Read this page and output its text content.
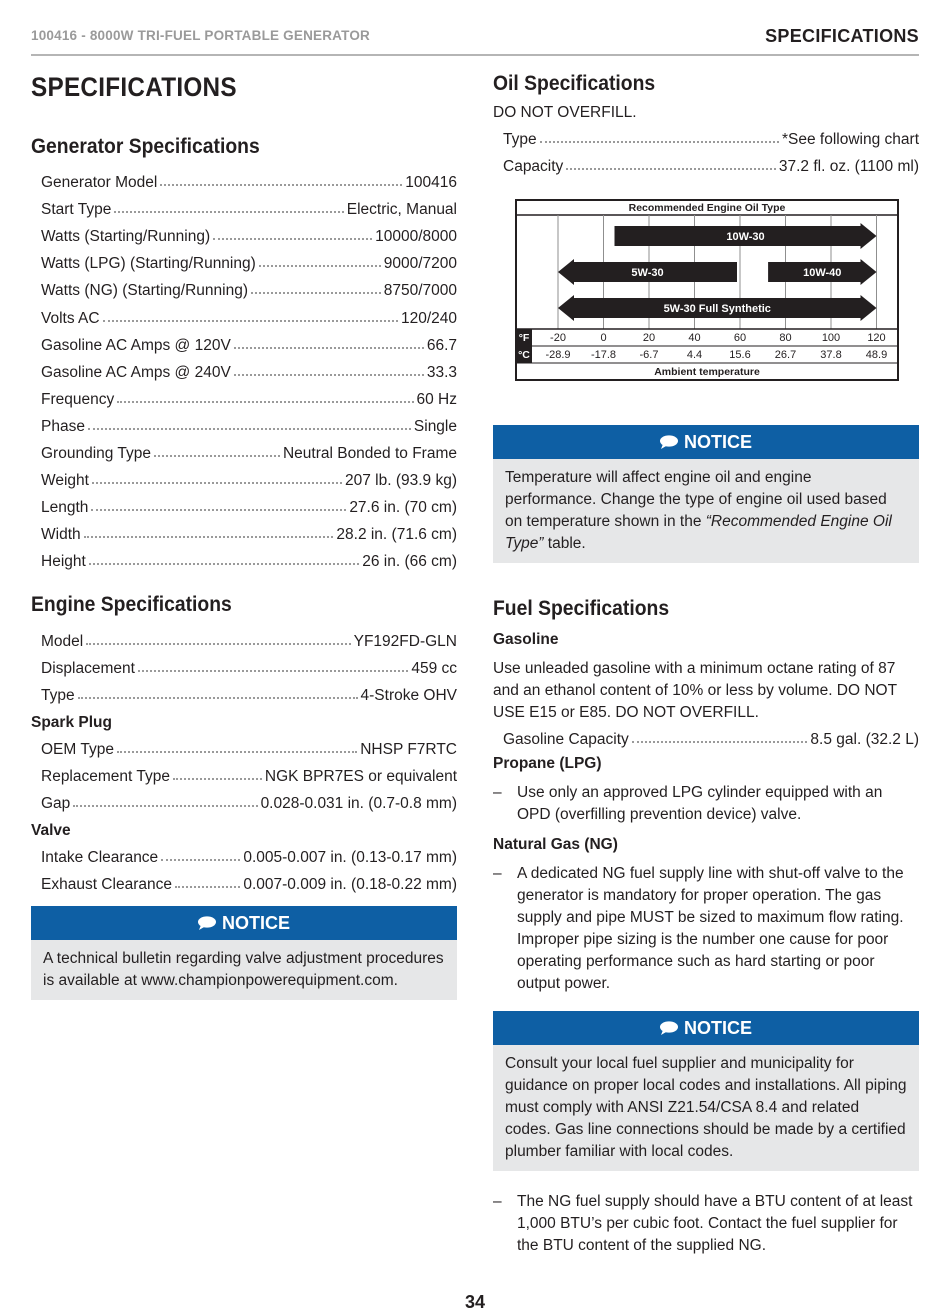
100416 - 8000W TRI-FUEL PORTABLE GENERATOR	SPECIFICATIONS
SPECIFICATIONS
Generator Specifications
Generator Model	100416
Start Type	Electric, Manual
Watts (Starting/Running)	10000/8000
Watts (LPG) (Starting/Running)	9000/7200
Watts (NG) (Starting/Running)	8750/7000
Volts AC	120/240
Gasoline AC Amps @ 120V	66.7
Gasoline AC Amps @ 240V	33.3
Frequency	60 Hz
Phase	Single
Grounding Type	Neutral Bonded to Frame
Weight	207 lb. (93.9 kg)
Length	27.6 in. (70 cm)
Width	28.2 in. (71.6 cm)
Height	26 in. (66 cm)
Engine Specifications
Model	YF192FD-GLN
Displacement	459 cc
Type	4-Stroke OHV
Spark Plug
OEM Type	NHSP F7RTC
Replacement Type	NGK BPR7ES or equivalent
Gap	0.028-0.031 in. (0.7-0.8 mm)
Valve
Intake Clearance	0.005-0.007 in. (0.13-0.17 mm)
Exhaust Clearance	0.007-0.009 in. (0.18-0.22 mm)
NOTICE
A technical bulletin regarding valve adjustment procedures is available at www.championpowerequipment.com.
Oil Specifications
DO NOT OVERFILL.
Type	*See following chart
Capacity	37.2 fl. oz. (1100 ml)
Recommended Engine Oil Type
10W-30
5W-30	10W-40
5W-30 Full Synthetic
°F
°C
-20	0	20	40	60	80	100 120
-28.9 -17.8 -6.7	4.4 15.6 26.7 37.8 48.9
Ambient temperature
NOTICE
Temperature will affect engine oil and engine performance. Change the type of engine oil used based on temperature shown in the “Recommended Engine Oil Type” table.
Fuel Specifications
Gasoline

Use unleaded gasoline with a minimum octane rating of 87 and an ethanol content of 10% or less by volume. DO NOT USE E15 or E85. DO NOT OVERFILL.

Gasoline Capacity	8.5 gal. (32.2 L)
Propane (LPG)
– Use only an approved LPG cylinder equipped with an OPD (overfilling prevention device) valve.
Natural Gas (NG)
– A dedicated NG fuel supply line with shut-off valve to the generator is mandatory for proper operation. The gas supply and pipe MUST be sized to maximum flow rating. Improper pipe sizing is the number one cause for poor operating performance such as hard starting or poor output power.
NOTICE
Consult your local fuel supplier and municipality for guidance on proper local codes and installations. All piping must comply with ANSI Z21.54/CSA 8.4 and related codes. Gas line connections should be made by a certified plumber familiar with local codes.
– The NG fuel supply should have a BTU content of at least 1,000 BTU’s per cubic foot. Contact the fuel supplier for the BTU content of the supplied NG.
34
